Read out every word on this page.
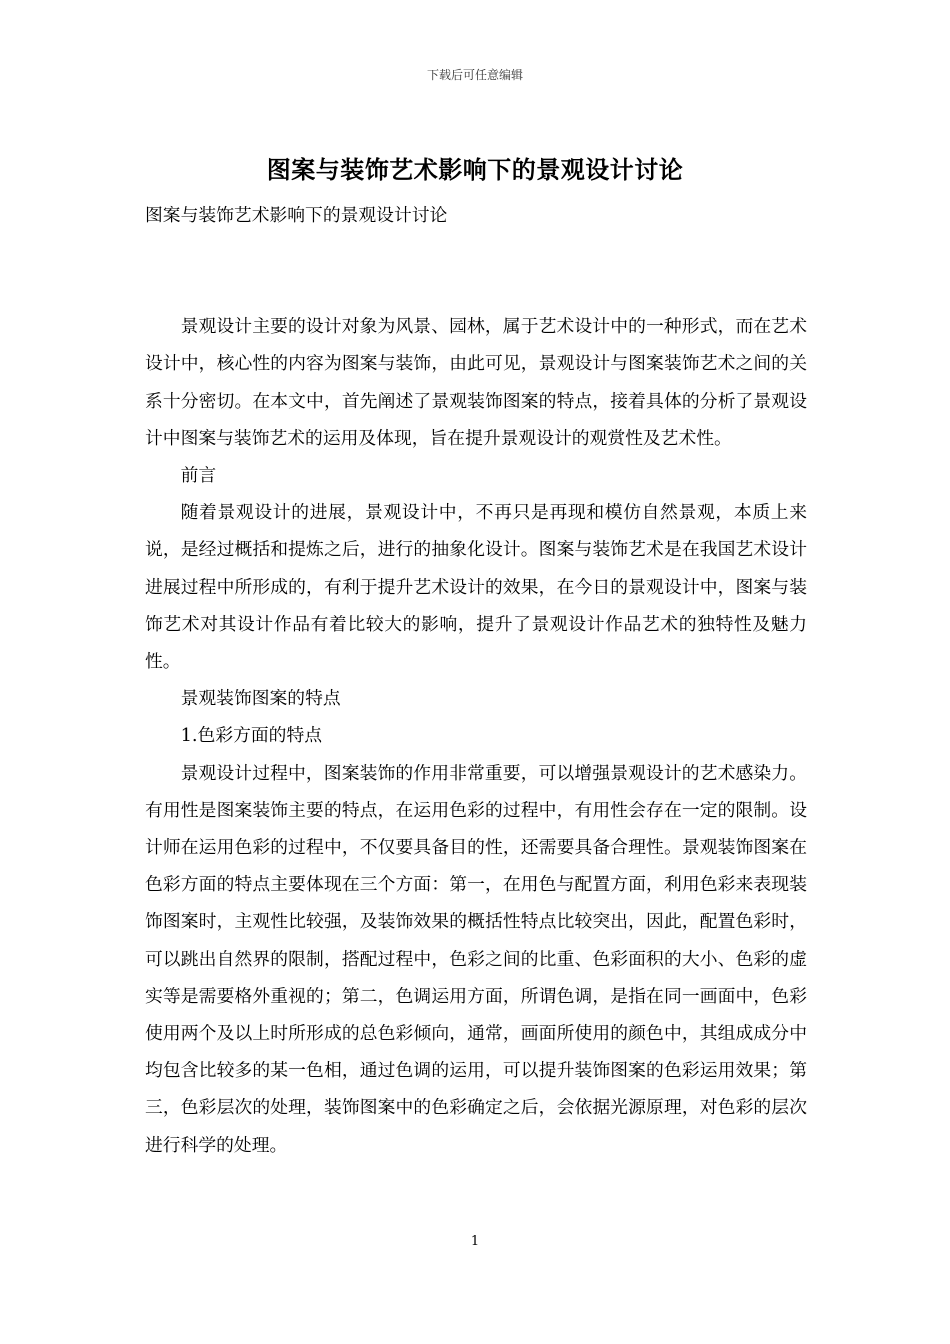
下载后可任意编辑
图案与装饰艺术影响下的景观设计讨论

图案与装饰艺术影响下的景观设计讨论

景观设计主要的设计对象为风景、园林，属于艺术设计中的一种形式，而在艺术设计中，核心性的内容为图案与装饰，由此可见，景观设计与图案装饰艺术之间的关系十分密切。在本文中，首先阐述了景观装饰图案的特点，接着具体的分析了景观设计中图案与装饰艺术的运用及体现，旨在提升景观设计的观赏性及艺术性。

前言

随着景观设计的进展，景观设计中，不再只是再现和模仿自然景观，本质上来说，是经过概括和提炼之后，进行的抽象化设计。图案与装饰艺术是在我国艺术设计进展过程中所形成的，有利于提升艺术设计的效果，在今日的景观设计中，图案与装饰艺术对其设计作品有着比较大的影响，提升了景观设计作品艺术的独特性及魅力性。

景观装饰图案的特点

1.色彩方面的特点

景观设计过程中，图案装饰的作用非常重要，可以增强景观设计的艺术感染力。有用性是图案装饰主要的特点，在运用色彩的过程中，有用性会存在一定的限制。设计师在运用色彩的过程中，不仅要具备目的性，还需要具备合理性。景观装饰图案在色彩方面的特点主要体现在三个方面：第一，在用色与配置方面，利用色彩来表现装饰图案时，主观性比较强，及装饰效果的概括性特点比较突出，因此，配置色彩时，可以跳出自然界的限制，搭配过程中，色彩之间的比重、色彩面积的大小、色彩的虚实等是需要格外重视的；第二，色调运用方面，所谓色调，是指在同一画面中，色彩使用两个及以上时所形成的总色彩倾向，通常，画面所使用的颜色中，其组成成分中均包含比较多的某一色相，通过色调的运用，可以提升装饰图案的色彩运用效果；第三，色彩层次的处理，装饰图案中的色彩确定之后，会依据光源原理，对色彩的层次进行科学的处理。

1
